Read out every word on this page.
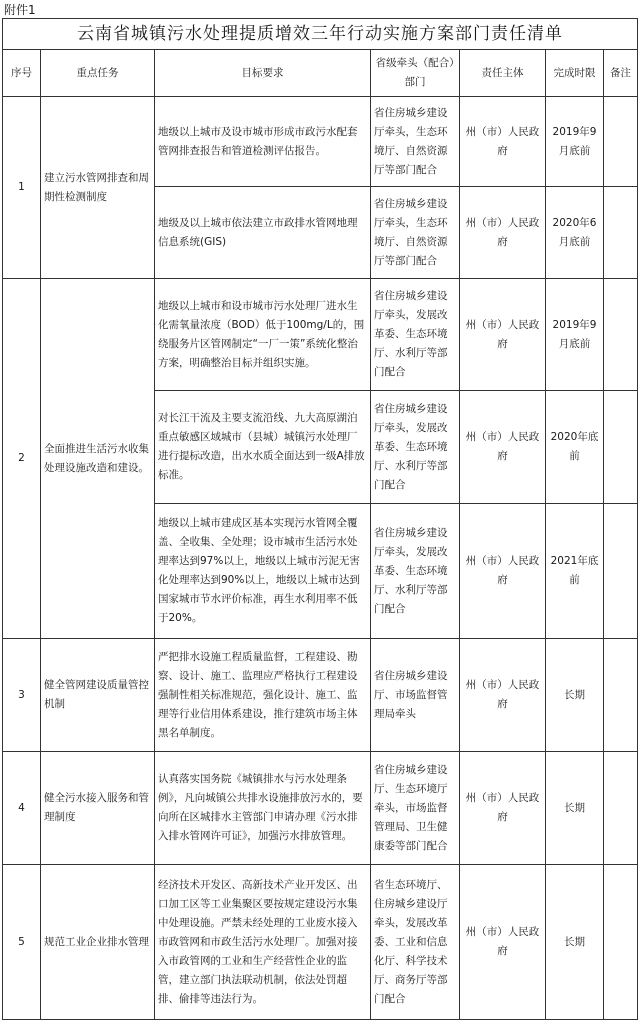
附件1
云南省城镇污水处理提质增效三年行动实施方案部门责任清单						
序号	重点任务	目标要求	省级牵头（配合）部门	责任主体	完成时限	备注
1	建立污水管网排查和周期性检测制度	地级以上城市及设市城市形成市政污水配套管网排查报告和管道检测评估报告。	省住房城乡建设厅牵头，生态环境厅、自然资源厅等部门配合	州（市）人民政府	2019年9月底前	
		地级及以上城市依法建立市政排水管网地理信息系统(GIS)	省住房城乡建设厅牵头，生态环境厅、自然资源厅等部门配合	州（市）人民政府	2020年6月底前	
2	全面推进生活污水收集处理设施改造和建设。	地级以上城市和设市城市污水处理厂进水生化需氧量浓度（BOD）低于100mg/L的，围绕服务片区管网制定“一厂一策”系统化整治方案，明确整治目标并组织实施。	省住房城乡建设厅牵头，发展改革委、生态环境厅、水利厅等部门配合	州（市）人民政府	2019年9月底前	
		对长江干流及主要支流沿线、九大高原湖泊重点敏感区域城市（县城）城镇污水处理厂进行提标改造，出水水质全面达到一级A排放标准。	省住房城乡建设厅牵头，发展改革委、生态环境厅、水利厅等部门配合	州（市）人民政府	2020年底前	
		地级以上城市建成区基本实现污水管网全覆盖、全收集、全处理；设市城市生活污水处理率达到97%以上，地级以上城市污泥无害化处理率达到90%以上，地级以上城市达到国家城市节水评价标准，再生水利用率不低于20%。	省住房城乡建设厅牵头，发展改革委、生态环境厅、水利厅等部门配合	州（市）人民政府	2021年底前	
3	健全管网建设质量管控机制	严把排水设施工程质量监督，工程建设、勘察、设计、施工、监理应严格执行工程建设强制性相关标准规范，强化设计、施工、监理等行业信用体系建设，推行建筑市场主体黑名单制度。	省住房城乡建设厅、市场监督管理局牵头	州（市）人民政府	长期	
4	健全污水接入服务和管理制度	认真落实国务院《城镇排水与污水处理条例》，凡向城镇公共排水设施排放污水的，要向所在区城排水主管部门申请办理《污水排入排水管网许可证》，加强污水排放管理。	省住房城乡建设厅、生态环境厅牵头，市场监督管理局、卫生健康委等部门配合	州（市）人民政府	长期	
5	规范工业企业排水管理	经济技术开发区、高新技术产业开发区、出口加工区等工业集聚区要按规定建设污水集中处理设施。严禁未经处理的工业废水接入市政管网和市政生活污水处理厂。加强对接入市政管网的工业和生产经营性企业的监管，建立部门执法联动机制，依法处罚超排、偷排等违法行为。	省生态环境厅、住房城乡建设厅牵头，发展改革委、工业和信息化厅、科学技术厅、商务厅等部门配合	州（市）人民政府	长期	
